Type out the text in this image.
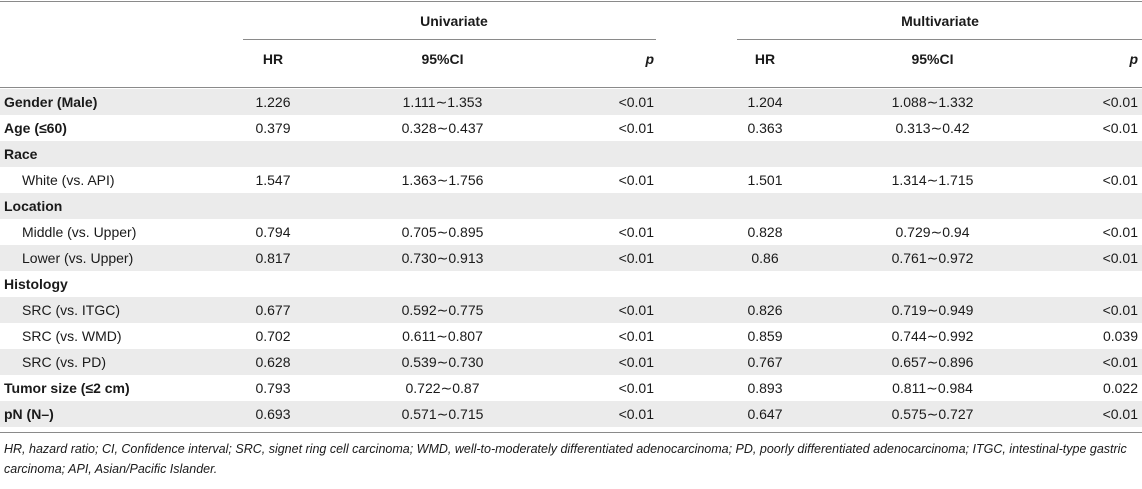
Univariate	Multivariate
HR	95%CI	p	HR	95%CI	p
Gender (Male)	1.226	1.111∼1.353	<0.01	1.204	1.088∼1.332	<0.01
Age (≤60)	0.379	0.328∼0.437	<0.01	0.363	0.313∼0.42	<0.01
Race
White (vs. API)	1.547	1.363∼1.756	<0.01	1.501	1.314∼1.715	<0.01
Location
Middle (vs. Upper)	0.794	0.705∼0.895	<0.01	0.828	0.729∼0.94	<0.01
Lower (vs. Upper)	0.817	0.730∼0.913	<0.01	0.86	0.761∼0.972	<0.01
Histology
SRC (vs. ITGC)	0.677	0.592∼0.775	<0.01	0.826	0.719∼0.949	<0.01
SRC (vs. WMD)	0.702	0.611∼0.807	<0.01	0.859	0.744∼0.992	0.039
SRC (vs. PD)	0.628	0.539∼0.730	<0.01	0.767	0.657∼0.896	<0.01
Tumor size (≤2 cm)	0.793	0.722∼0.87	<0.01	0.893	0.811∼0.984	0.022
pN (N–)	0.693	0.571∼0.715	<0.01	0.647	0.575∼0.727	<0.01
HR, hazard ratio; CI, Confidence interval; SRC, signet ring cell carcinoma; WMD, well-to-moderately differentiated adenocarcinoma; PD, poorly differentiated adenocarcinoma; ITGC, intestinal-type gastric carcinoma; API, Asian/Pacific Islander.
